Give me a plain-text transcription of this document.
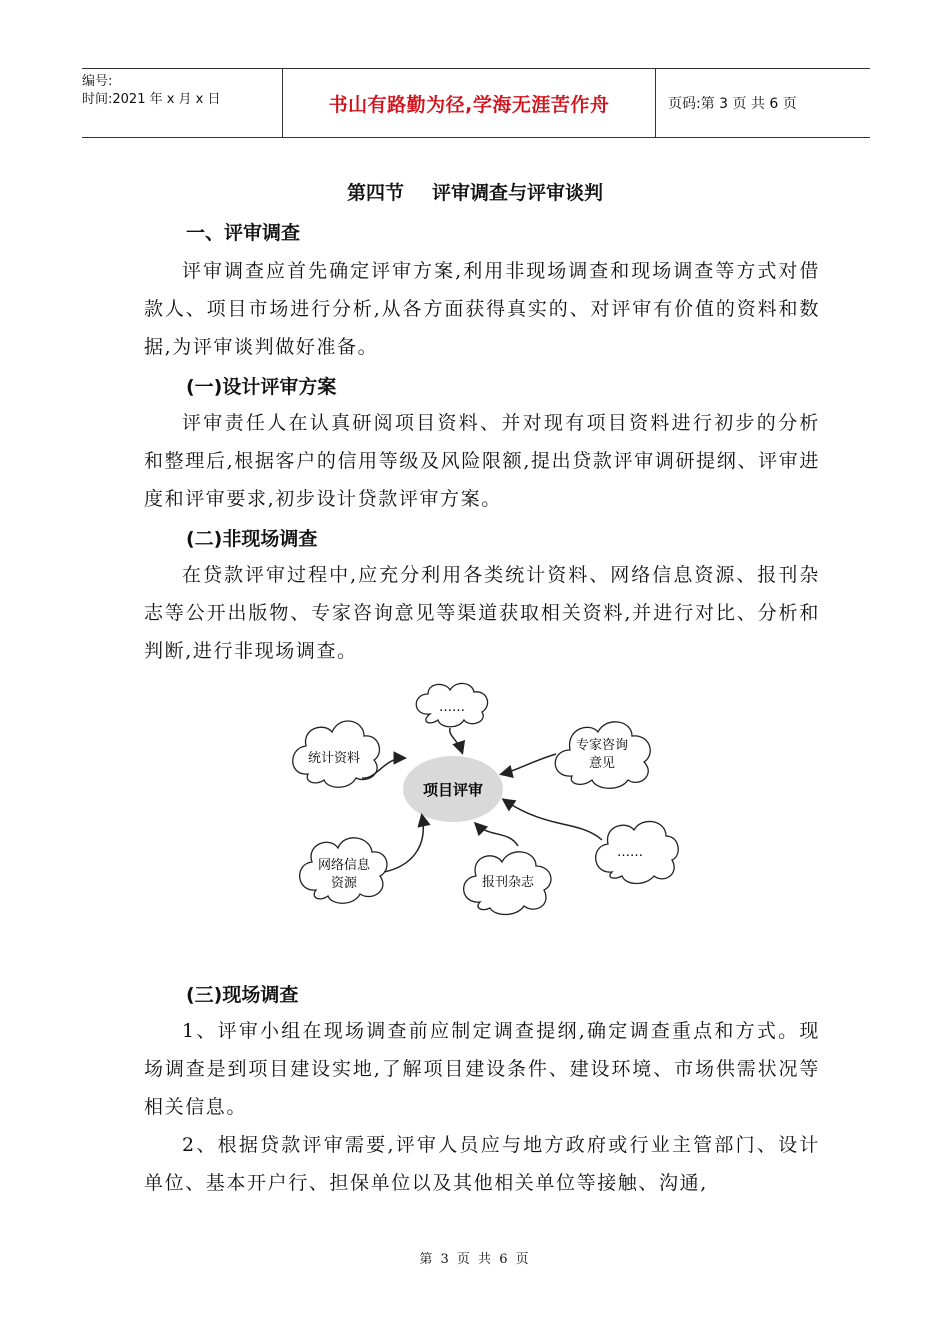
编号:
时间:2021 年 x 月 x 日	书山有路勤为径,学海无涯苦作舟	页码:第 3 页 共 6 页
第四节 评审调查与评审谈判
一、评审调查
评审调查应首先确定评审方案,利用非现场调查和现场调查等方式对借款人、项目市场进行分析,从各方面获得真实的、对评审有价值的资料和数据,为评审谈判做好准备。
(一)设计评审方案
评审责任人在认真研阅项目资料、并对现有项目资料进行初步的分析和整理后,根据客户的信用等级及风险限额,提出贷款评审调研提纲、评审进度和评审要求,初步设计贷款评审方案。
(二)非现场调查
在贷款评审过程中,应充分利用各类统计资料、网络信息资源、报刊杂志等公开出版物、专家咨询意见等渠道获取相关资料,并进行对比、分析和判断,进行非现场调查。
项目评审
……
统计资料
专家咨询
意见
网络信息
资源	报刊杂志
……
(三)现场调查
1、评审小组在现场调查前应制定调查提纲,确定调查重点和方式。现场调查是到项目建设实地,了解项目建设条件、建设环境、市场供需状况等相关信息。
2、根据贷款评审需要,评审人员应与地方政府或行业主管部门、设计单位、基本开户行、担保单位以及其他相关单位等接触、沟通,
第 3 页 共 6 页
